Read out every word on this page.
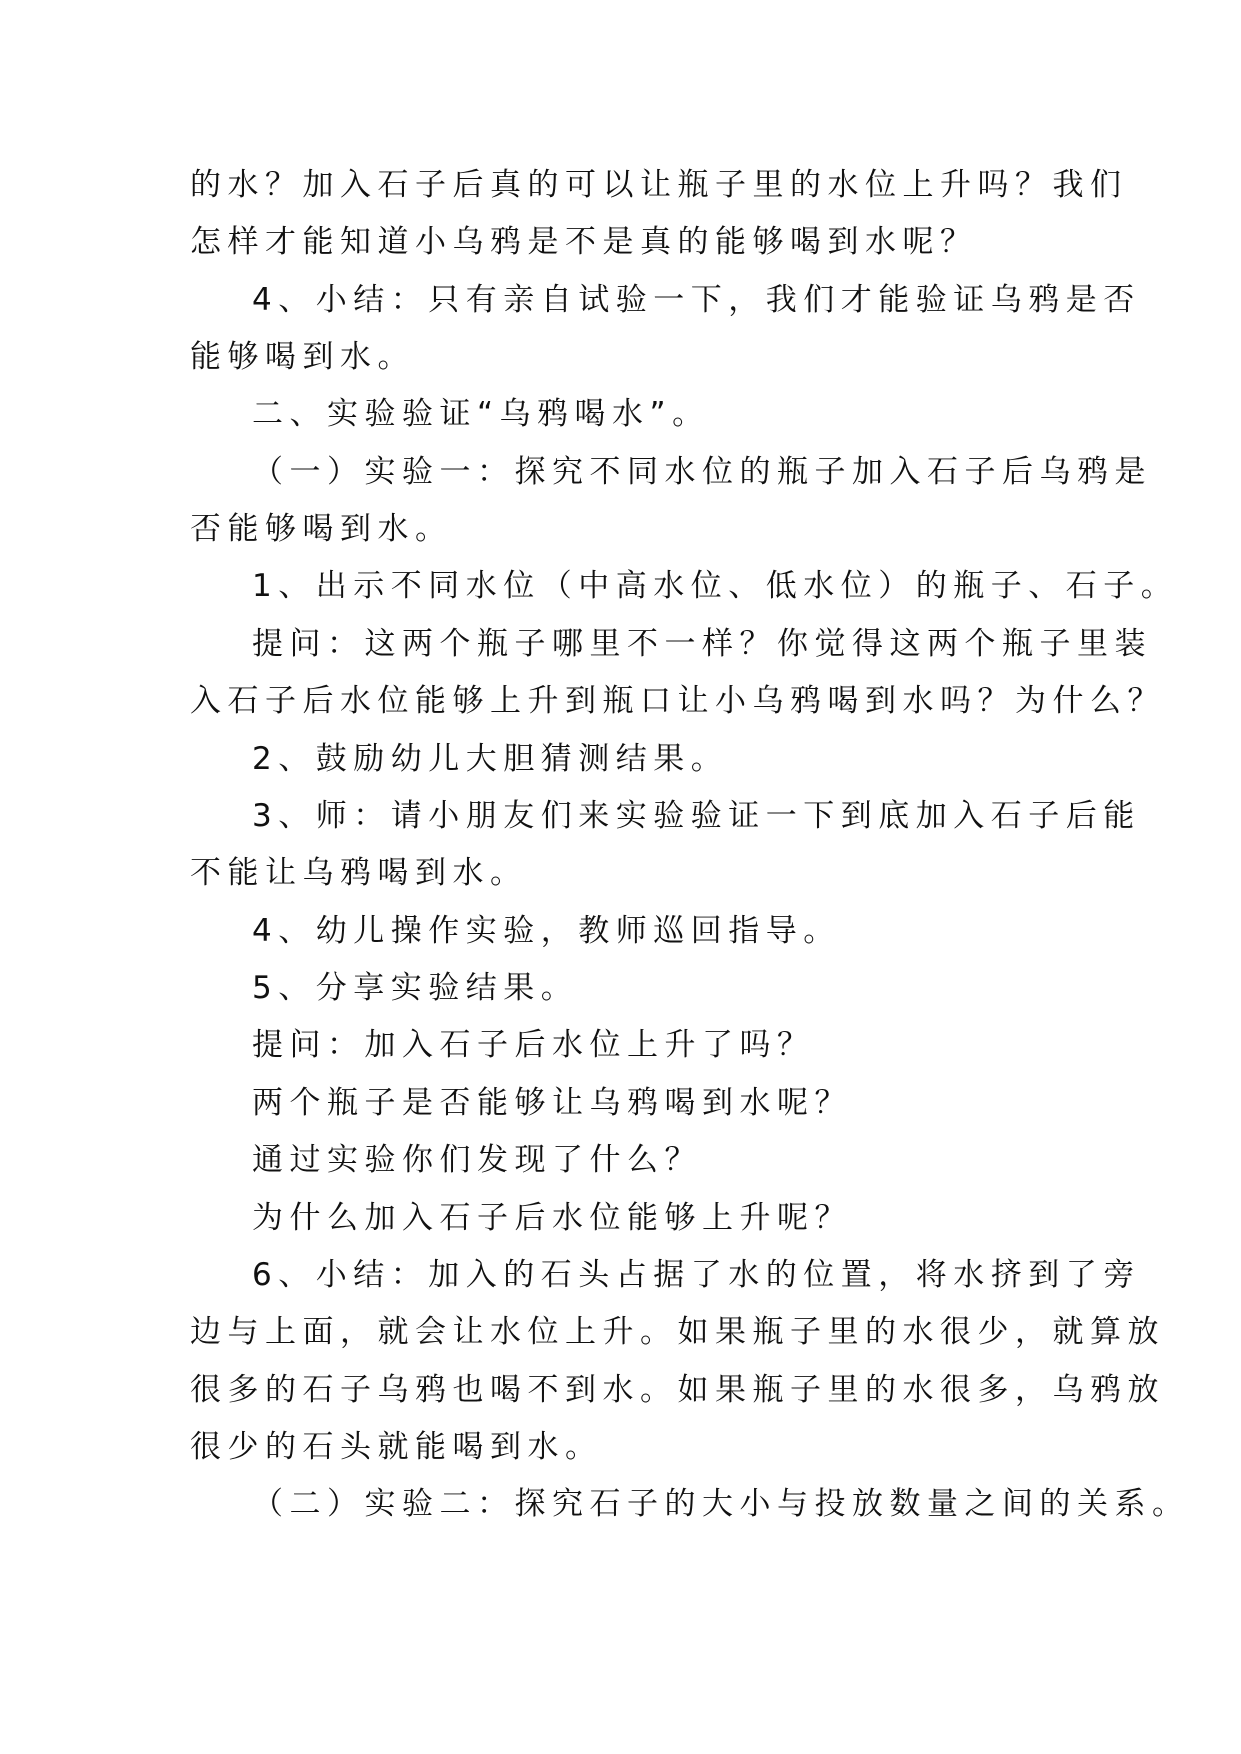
的水？加入石子后真的可以让瓶子里的水位上升吗？我们
怎样才能知道小乌鸦是不是真的能够喝到水呢？
4、小结：只有亲自试验一下，我们才能验证乌鸦是否
能够喝到水。
二、实验验证“乌鸦喝水”。
（一）实验一：探究不同水位的瓶子加入石子后乌鸦是
否能够喝到水。
1、出示不同水位（中高水位、低水位）的瓶子、石子。
提问：这两个瓶子哪里不一样？你觉得这两个瓶子里装
入石子后水位能够上升到瓶口让小乌鸦喝到水吗？为什么？
2、鼓励幼儿大胆猜测结果。
3、师：请小朋友们来实验验证一下到底加入石子后能
不能让乌鸦喝到水。
4、幼儿操作实验，教师巡回指导。
5、分享实验结果。
提问：加入石子后水位上升了吗？
两个瓶子是否能够让乌鸦喝到水呢？
通过实验你们发现了什么？
为什么加入石子后水位能够上升呢？
6、小结：加入的石头占据了水的位置，将水挤到了旁
边与上面，就会让水位上升。如果瓶子里的水很少，就算放
很多的石子乌鸦也喝不到水。如果瓶子里的水很多，乌鸦放
很少的石头就能喝到水。
（二）实验二：探究石子的大小与投放数量之间的关系。
